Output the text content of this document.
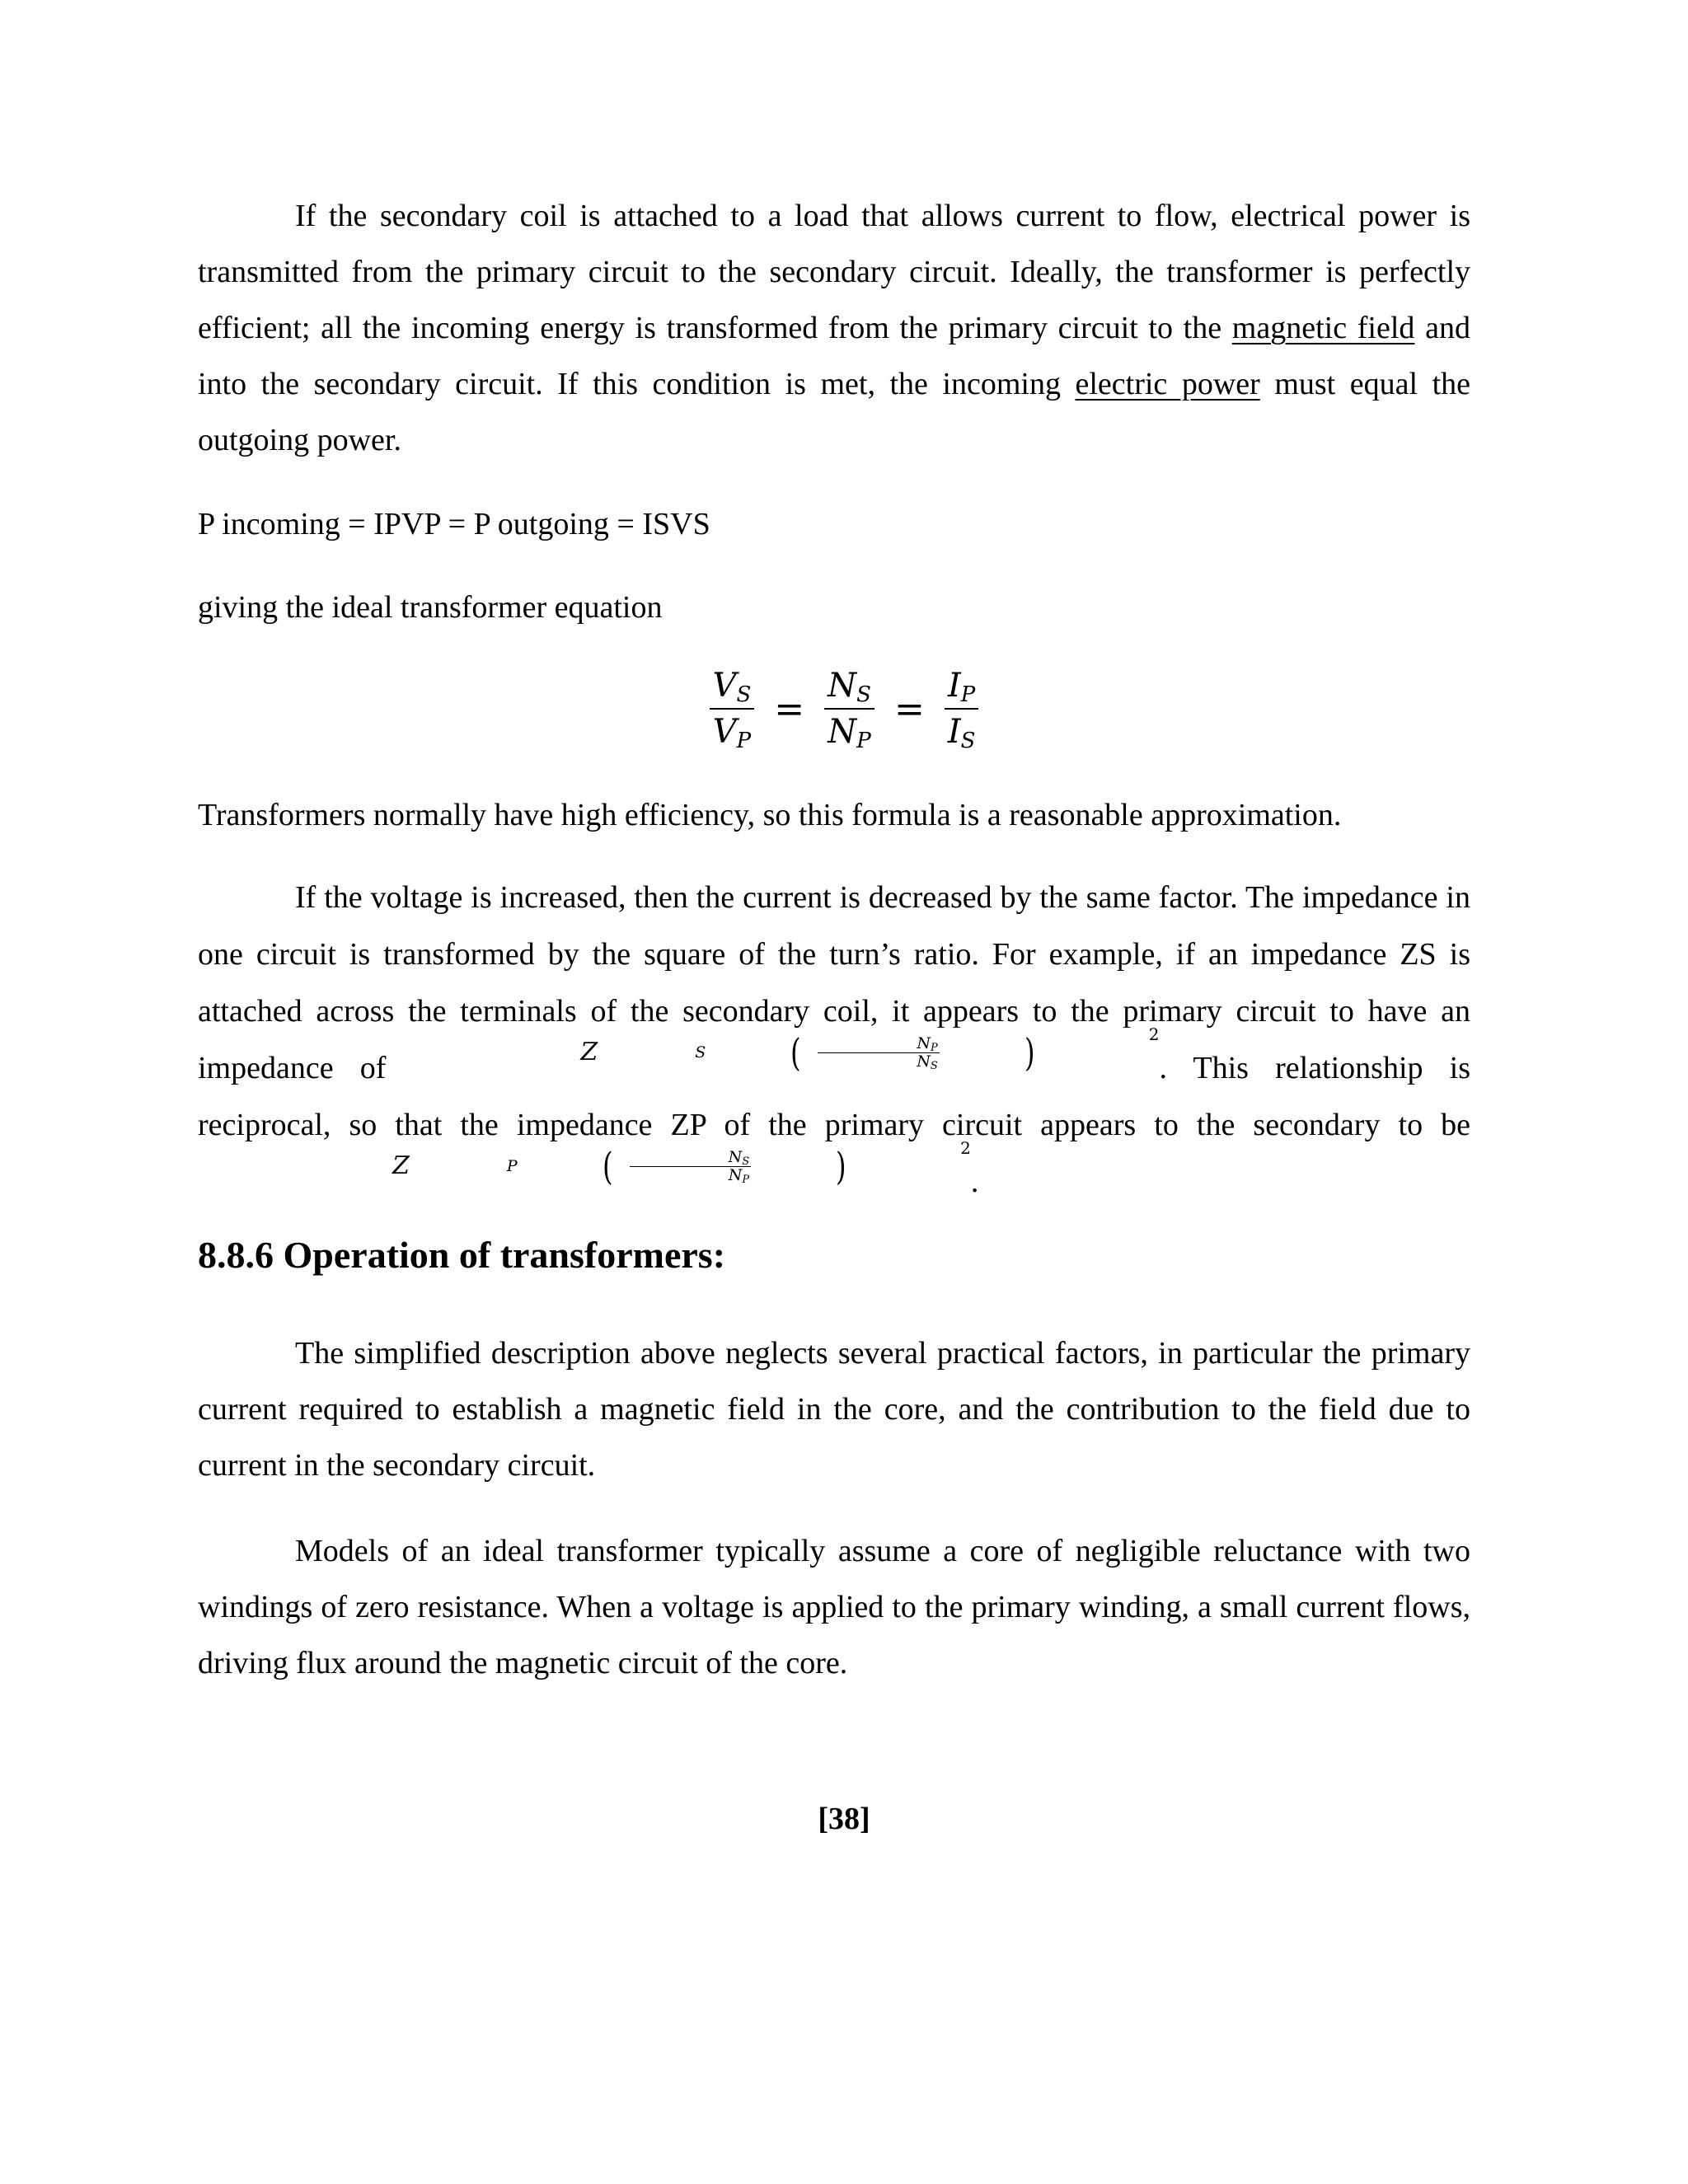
If the secondary coil is attached to a load that allows current to flow, electrical power is transmitted from the primary circuit to the secondary circuit. Ideally, the transformer is perfectly efficient; all the incoming energy is transformed from the primary circuit to the magnetic field and into the secondary circuit. If this condition is met, the incoming electric power must equal the outgoing power.

P incoming = IPVP = P outgoing = ISVS

giving the ideal transformer equation

$\frac{V_S}{V_P} = \frac{N_S}{N_P} = \frac{I_P}{I_S}$

Transformers normally have high efficiency, so this formula is a reasonable approximation.

If the voltage is increased, then the current is decreased by the same factor. The impedance in one circuit is transformed by the square of the turn’s ratio. For example, if an impedance ZS is attached across the terminals of the secondary coil, it appears to the primary circuit to have an impedance of	Z	S	( $\frac{N_P}{N_S}$	)	2
. This relationship is reciprocal, so that the impedance ZP of the primary circuit appears to the secondary to be
Z	P	( $\frac{N_S}{N_P}$	)	2
.

8.8.6 Operation of transformers:

The simplified description above neglects several practical factors, in particular the primary current required to establish a magnetic field in the core, and the contribution to the field due to current in the secondary circuit.

Models of an ideal transformer typically assume a core of negligible reluctance with two windings of zero resistance. When a voltage is applied to the primary winding, a small current flows, driving flux around the magnetic circuit of the core.

[38]
